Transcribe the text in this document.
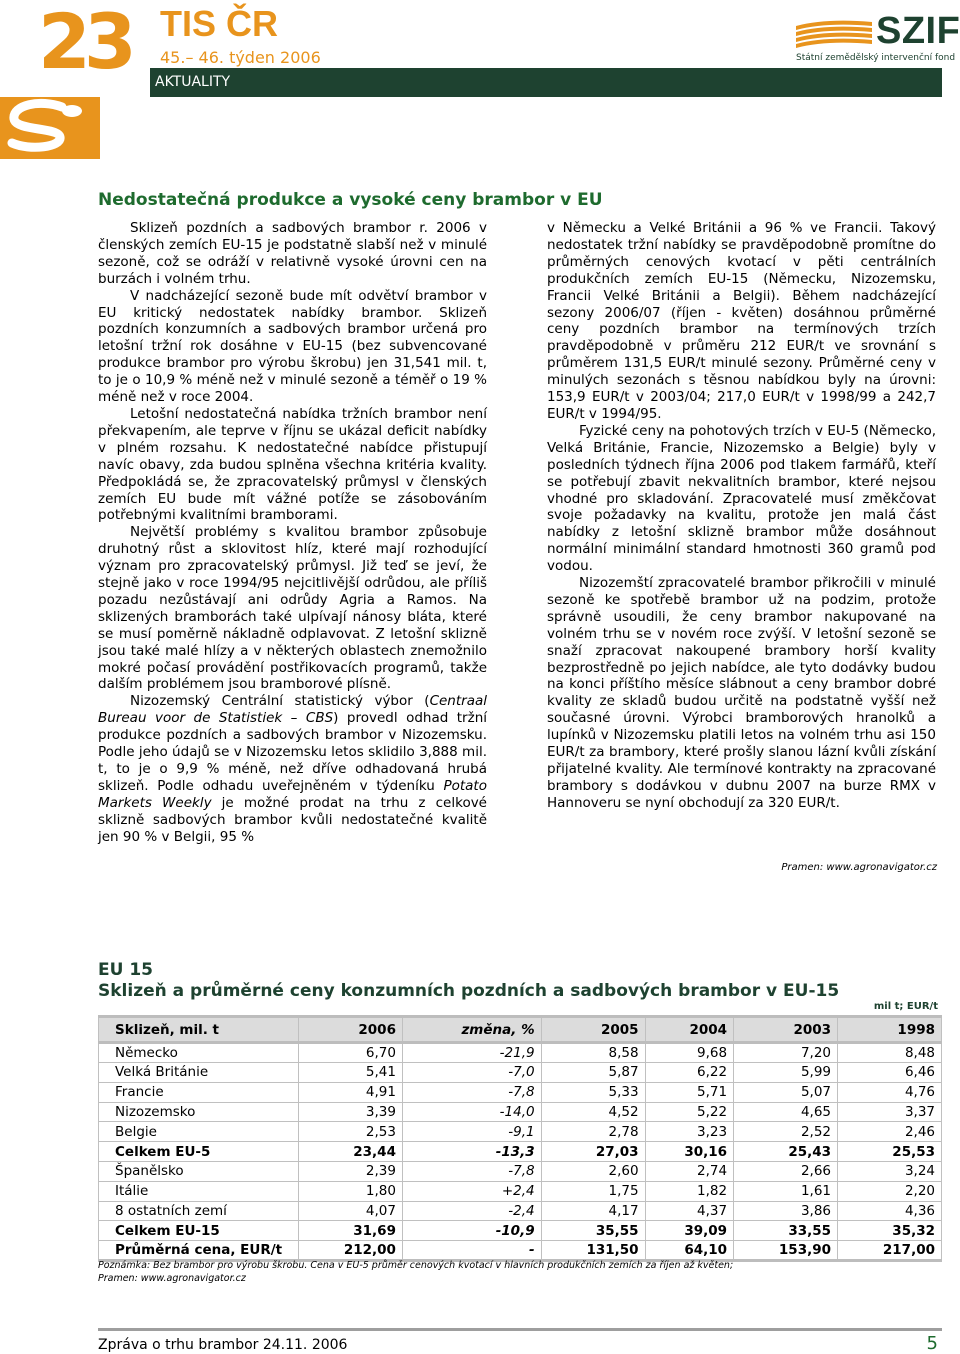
23 TIS ČR
45.– 46. týden 2006
AKTUALITY
SZIF
Státní zemědělský intervenční fond
Nedostatečná produkce a vysoké ceny brambor v EU

Sklizeň pozdních a sadbových brambor r. 2006 v členských zemích EU-15 je podstatně slabší než v minulé sezoně, což se odráží v relativně vysoké úrovni cen na burzách i volném trhu.

V nadcházející sezoně bude mít odvětví brambor v EU kritický nedostatek nabídky brambor. Sklizeň pozdních konzumních a sadbových brambor určená pro letošní tržní rok dosáhne v EU-15 (bez subvencované produkce brambor pro výrobu škrobu) jen 31,541 mil. t, to je o 10,9 % méně než v minulé sezoně a téměř o 19 % méně než v roce 2004.

Letošní nedostatečná nabídka tržních brambor není překvapením, ale teprve v říjnu se ukázal deficit nabídky v plném rozsahu. K nedostatečné nabídce přistupují navíc obavy, zda budou splněna všechna kritéria kvality. Předpokládá se, že zpracovatelský průmysl v členských zemích EU bude mít vážné potíže se zásobováním potřebnými kvalitními bramborami.

Největší problémy s kvalitou brambor způsobuje druhotný růst a sklovitost hlíz, které mají rozhodující význam pro zpracovatelský průmysl. Již teď se jeví, že stejně jako v roce 1994/95 nejcitlivější odrůdou, ale příliš pozadu nezůstávají ani odrůdy Agria a Ramos. Na sklizených bramborách také ulpívají nánosy bláta, které se musí poměrně nákladně odplavovat. Z letošní sklizně jsou také malé hlízy a v některých oblastech znemožnilo mokré počasí provádění postřikovacích programů, takže dalším problémem jsou bramborové plísně.

Nizozemský Centrální statistický výbor (Centraal Bureau voor de Statistiek – CBS) provedl odhad tržní produkce pozdních a sadbových brambor v Nizozemsku. Podle jeho údajů se v Nizozemsku letos sklidilo 3,888 mil. t, to je o 9,9 % méně, než dříve odhadovaná hrubá sklizeň. Podle odhadu uveřejněném v týdeníku Potato Markets Weekly je možné prodat na trhu z celkové sklizně sadbových brambor kvůli nedostatečné kvalitě jen 90 % v Belgii, 95 %

v Německu a Velké Británii a 96 % ve Francii. Takový nedostatek tržní nabídky se pravděpodobně promítne do průměrných cenových kvotací v pěti centrálních produkčních zemích EU-15 (Německu, Nizozemsku, Francii Velké Británii a Belgii). Během nadcházející sezony 2006/07 (říjen - květen) dosáhnou průměrné ceny pozdních brambor na termínových trzích pravděpodobně v průměru 212 EUR/t ve srovnání s průměrem 131,5 EUR/t minulé sezony. Průměrné ceny v minulých sezonách s těsnou nabídkou byly na úrovni: 153,9 EUR/t v 2003/04; 217,0 EUR/t v 1998/99 a 242,7 EUR/t v 1994/95.

Fyzické ceny na pohotových trzích v EU-5 (Německo, Velká Británie, Francie, Nizozemsko a Belgie) byly v posledních týdnech října 2006 pod tlakem farmářů, kteří se potřebují zbavit nekvalitních brambor, které nejsou vhodné pro skladování. Zpracovatelé musí změkčovat svoje požadavky na kvalitu, protože jen malá část nabídky z letošní sklizně brambor může dosáhnout normální minimální standard hmotnosti 360 gramů pod vodou.

Nizozemští zpracovatelé brambor přikročili v minulé sezoně ke spotřebě brambor už na podzim, protože správně usoudili, že ceny brambor nakupované na volném trhu se v novém roce zvýší. V letošní sezoně se snaží zpracovat nakoupené brambory horší kvality bezprostředně po jejich nabídce, ale tyto dodávky budou na konci příštího měsíce slábnout a ceny brambor dobré kvality ze skladů budou určitě na podstatně vyšší než současné úrovni. Výrobci bramborových hranolků a lupínků v Nizozemsku platili letos na volném trhu asi 150 EUR/t za brambory, které prošly slanou lázní kvůli získání přijatelné kvality. Ale termínové kontrakty na zpracované brambory s dodávkou v dubnu 2007 na burze RMX v Hannoveru se nyní obchodují za 320 EUR/t.

Pramen: www.agronavigator.cz
EU 15
Sklizeň a průměrné ceny konzumních pozdních a sadbových brambor v EU-15
mil t; EUR/t
Sklizeň, mil. t	2006	změna, %	2005	2004	2003	1998
Německo	6,70	-21,9	8,58	9,68	7,20	8,48
Velká Británie	5,41	-7,0	5,87	6,22	5,99	6,46
Francie	4,91	-7,8	5,33	5,71	5,07	4,76
Nizozemsko	3,39	-14,0	4,52	5,22	4,65	3,37
Belgie	2,53	-9,1	2,78	3,23	2,52	2,46
Celkem EU-5	23,44	-13,3	27,03	30,16	25,43	25,53
Španělsko	2,39	-7,8	2,60	2,74	2,66	3,24
Itálie	1,80	+2,4	1,75	1,82	1,61	2,20
8 ostatních zemí	4,07	-2,4	4,17	4,37	3,86	4,36
Celkem EU-15	31,69	-10,9	35,55	39,09	33,55	35,32
Průměrná cena, EUR/t	212,00	-	131,50	64,10	153,90	217,00
Poznámka: Bez brambor pro výrobu škrobu. Cena v EU-5 průměr cenových kvotací v hlavních produkčních zemích za říjen až květen;
Pramen: www.agronavigator.cz
Zpráva o trhu brambor 24.11. 2006	5
